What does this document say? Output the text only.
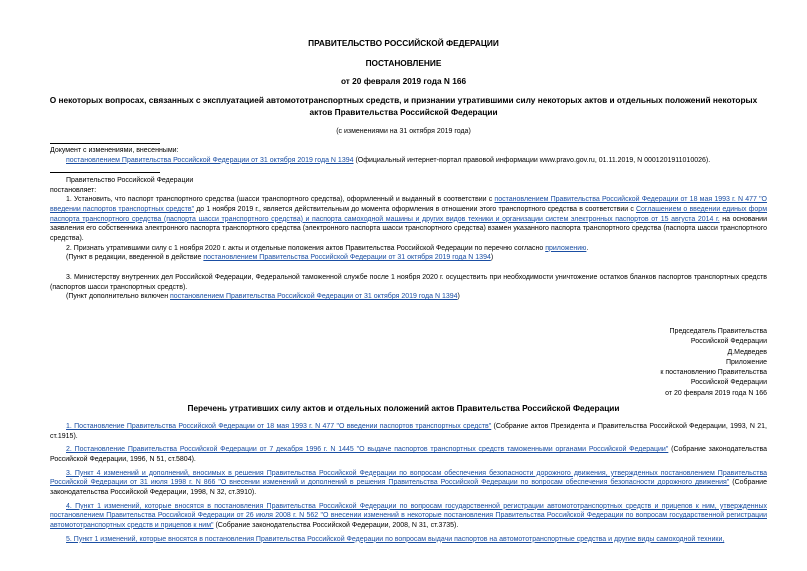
ПРАВИТЕЛЬСТВО РОССИЙСКОЙ ФЕДЕРАЦИИ
ПОСТАНОВЛЕНИЕ
от 20 февраля 2019 года N 166
О некоторых вопросах, связанных с эксплуатацией автомототранспортных средств, и признании утратившими силу некоторых актов и отдельных положений некоторых актов Правительства Российской Федерации
(с изменениями на 31 октября 2019 года)
Документ с изменениями, внесенными:
постановлением Правительства Российской Федерации от 31 октября 2019 года N 1394 (Официальный интернет-портал правовой информации www.pravo.gov.ru, 01.11.2019, N 0001201911010026).
Правительство Российской Федерации
постановляет:
1. Установить, что паспорт транспортного средства (шасси транспортного средства), оформленный и выданный в соответствии с постановлением Правительства Российской Федерации от 18 мая 1993 г. N 477 "О введении паспортов транспортных средств" до 1 ноября 2019 г., является действительным до момента оформления в отношении этого транспортного средства в соответствии с Соглашением о введении единых форм паспорта транспортного средства (паспорта шасси транспортного средства) и паспорта самоходной машины и других видов техники и организации систем электронных паспортов от 15 августа 2014 г. на основании заявления его собственника электронного паспорта транспортного средства (электронного паспорта шасси транспортного средства) взамен указанного паспорта транспортного средства (паспорта шасси транспортного средства).
2. Признать утратившими силу с 1 ноября 2020 г. акты и отдельные положения актов Правительства Российской Федерации по перечню согласно приложению.
(Пункт в редакции, введенной в действие постановлением Правительства Российской Федерации от 31 октября 2019 года N 1394)
3. Министерству внутренних дел Российской Федерации, Федеральной таможенной службе после 1 ноября 2020 г. осуществить при необходимости уничтожение остатков бланков паспортов транспортных средств (паспортов шасси транспортных средств).
(Пункт дополнительно включен постановлением Правительства Российской Федерации от 31 октября 2019 года N 1394)
Председатель Правительства
Российской Федерации
Д.Медведев
Приложение
к постановлению Правительства
Российской Федерации
от 20 февраля 2019 года N 166
Перечень утративших силу актов и отдельных положений актов Правительства Российской Федерации
1. Постановление Правительства Российской Федерации от 18 мая 1993 г. N 477 "О введении паспортов транспортных средств" (Собрание актов Президента и Правительства Российской Федерации, 1993, N 21, ст.1915).
2. Постановление Правительства Российской Федерации от 7 декабря 1996 г. N 1445 "О выдаче паспортов транспортных средств таможенными органами Российской Федерации" (Собрание законодательства Российской Федерации, 1996, N 51, ст.5804).
3. Пункт 4 изменений и дополнений, вносимых в решения Правительства Российской Федерации по вопросам обеспечения безопасности дорожного движения, утвержденных постановлением Правительства Российской Федерации от 31 июля 1998 г. N 866 "О внесении изменений и дополнений в решения Правительства Российской Федерации по вопросам обеспечения безопасности дорожного движения" (Собрание законодательства Российской Федерации, 1998, N 32, ст.3910).
4. Пункт 1 изменений, которые вносятся в постановления Правительства Российской Федерации по вопросам государственной регистрации автомототранспортных средств и прицепов к ним, утвержденных постановлением Правительства Российской Федерации от 26 июля 2008 г. N 562 "О внесении изменений в некоторые постановления Правительства Российской Федерации по вопросам государственной регистрации автомототранспортных средств и прицепов к ним" (Собрание законодательства Российской Федерации, 2008, N 31, ст.3735).
5. Пункт 1 изменений, которые вносятся в постановления Правительства Российской Федерации по вопросам выдачи паспортов на автомототранспортные средства и другие виды самоходной техники,
